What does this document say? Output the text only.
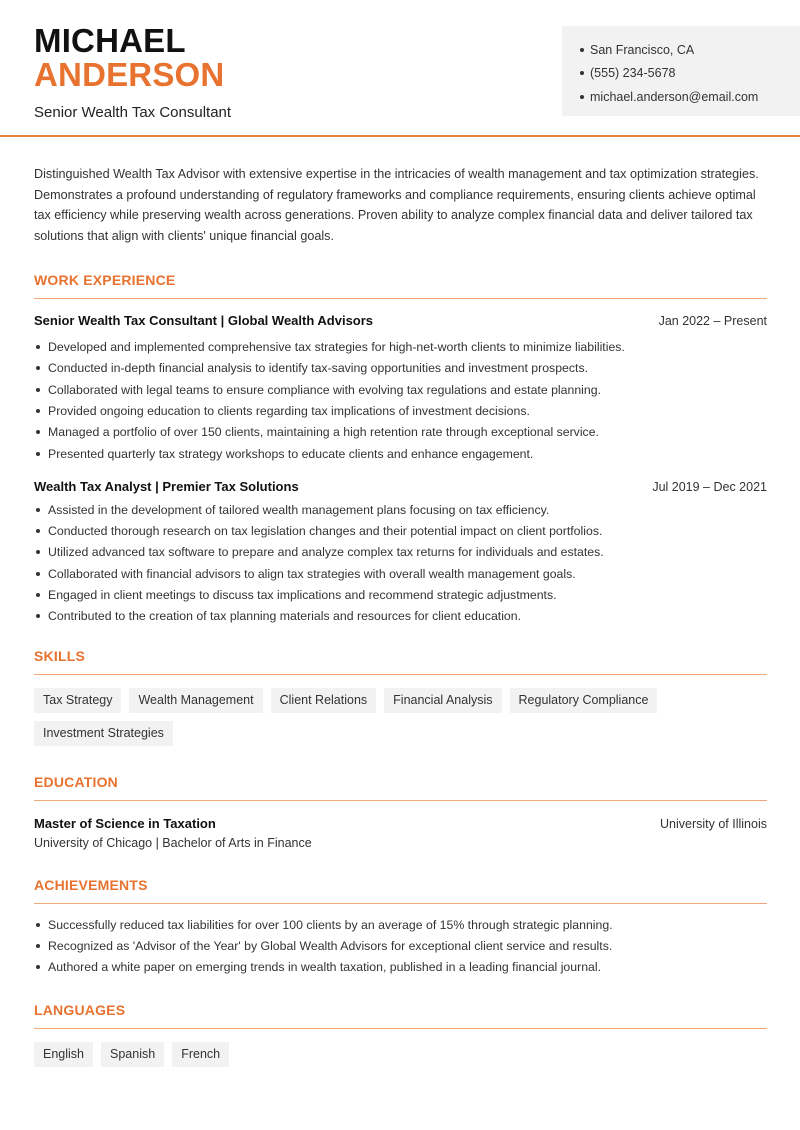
MICHAEL
ANDERSON
Senior Wealth Tax Consultant
San Francisco, CA
(555) 234-5678
michael.anderson@email.com

Distinguished Wealth Tax Advisor with extensive expertise in the intricacies of wealth management and tax optimization strategies. Demonstrates a profound understanding of regulatory frameworks and compliance requirements, ensuring clients achieve optimal tax efficiency while preserving wealth across generations. Proven ability to analyze complex financial data and deliver tailored tax solutions that align with clients' unique financial goals.

WORK EXPERIENCE
Senior Wealth Tax Consultant | Global Wealth Advisors	Jan 2022 – Present
Developed and implemented comprehensive tax strategies for high-net-worth clients to minimize liabilities.
Conducted in-depth financial analysis to identify tax-saving opportunities and investment prospects.
Collaborated with legal teams to ensure compliance with evolving tax regulations and estate planning.
Provided ongoing education to clients regarding tax implications of investment decisions.
Managed a portfolio of over 150 clients, maintaining a high retention rate through exceptional service.
Presented quarterly tax strategy workshops to educate clients and enhance engagement.
Wealth Tax Analyst | Premier Tax Solutions	Jul 2019 – Dec 2021
Assisted in the development of tailored wealth management plans focusing on tax efficiency.
Conducted thorough research on tax legislation changes and their potential impact on client portfolios.
Utilized advanced tax software to prepare and analyze complex tax returns for individuals and estates.
Collaborated with financial advisors to align tax strategies with overall wealth management goals.
Engaged in client meetings to discuss tax implications and recommend strategic adjustments.
Contributed to the creation of tax planning materials and resources for client education.
SKILLS
Tax Strategy	Wealth Management	Client Relations	Financial Analysis	Regulatory Compliance
Investment Strategies
EDUCATION
Master of Science in Taxation	University of Illinois
University of Chicago | Bachelor of Arts in Finance
ACHIEVEMENTS
Successfully reduced tax liabilities for over 100 clients by an average of 15% through strategic planning.
Recognized as 'Advisor of the Year' by Global Wealth Advisors for exceptional client service and results.
Authored a white paper on emerging trends in wealth taxation, published in a leading financial journal.
LANGUAGES
English	Spanish	French
